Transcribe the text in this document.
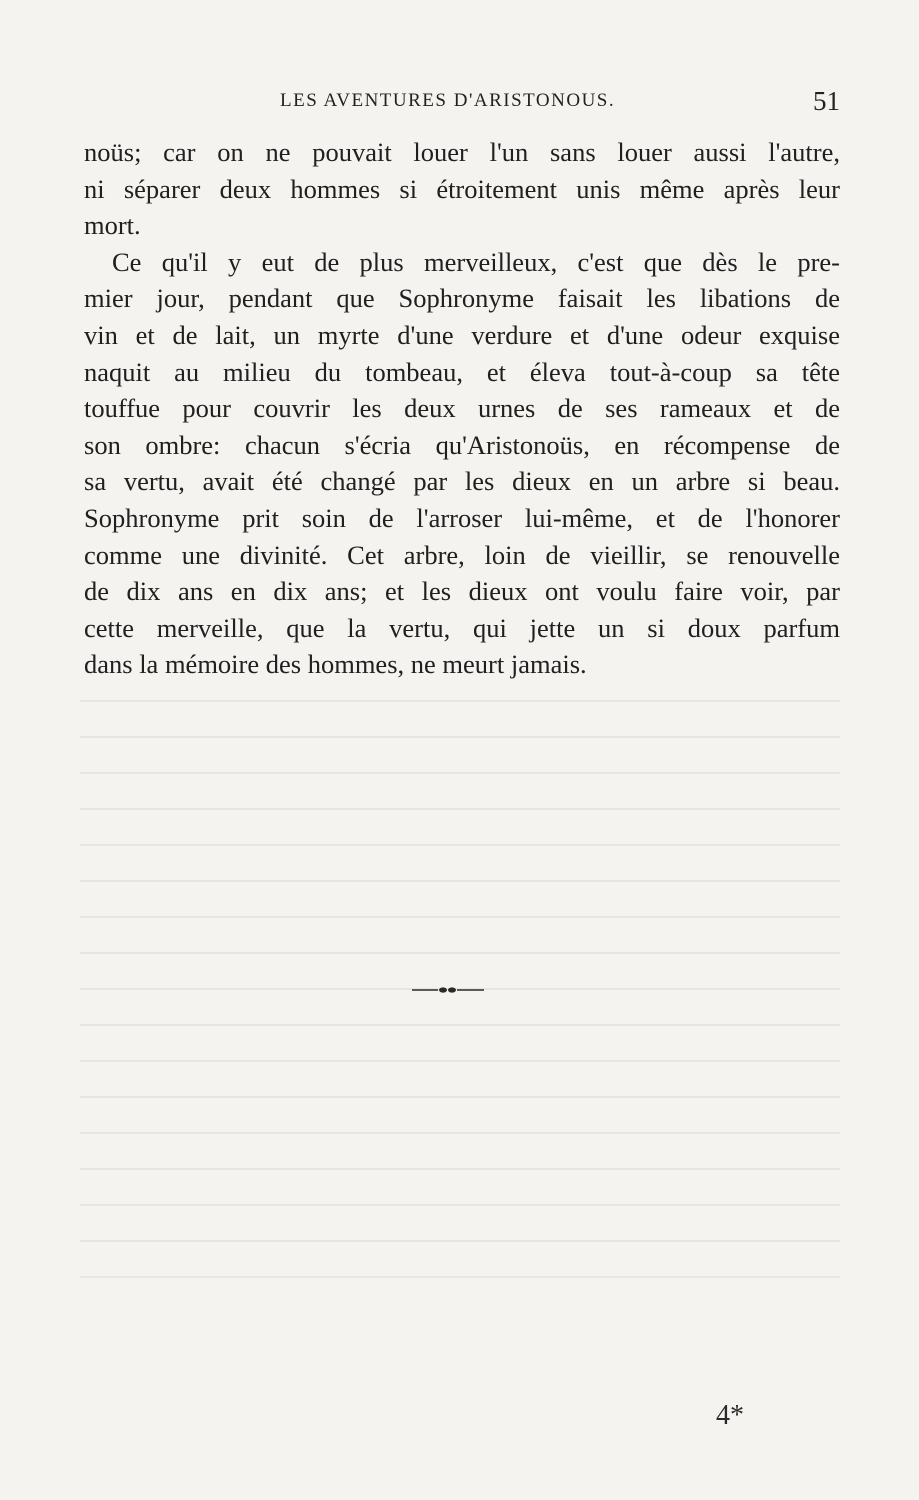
LES AVENTURES D'ARISTONOUS.	51

noüs; car on ne pouvait louer l'un sans louer aussi l'autre,
ni séparer deux hommes si étroitement unis même après leur
mort.

Ce qu'il y eut de plus merveilleux, c'est que dès le pre-
mier jour, pendant que Sophronyme faisait les libations de
vin et de lait, un myrte d'une verdure et d'une odeur exquise
naquit au milieu du tombeau, et éleva tout-à-coup sa tête
touffue pour couvrir les deux urnes de ses rameaux et de
son ombre: chacun s'écria qu'Aristonoüs, en récompense de
sa vertu, avait été changé par les dieux en un arbre si beau.
Sophronyme prit soin de l'arroser lui-même, et de l'honorer
comme une divinité. Cet arbre, loin de vieillir, se renouvelle
de dix ans en dix ans; et les dieux ont voulu faire voir, par
cette merveille, que la vertu, qui jette un si doux parfum
dans la mémoire des hommes, ne meurt jamais.

4*
